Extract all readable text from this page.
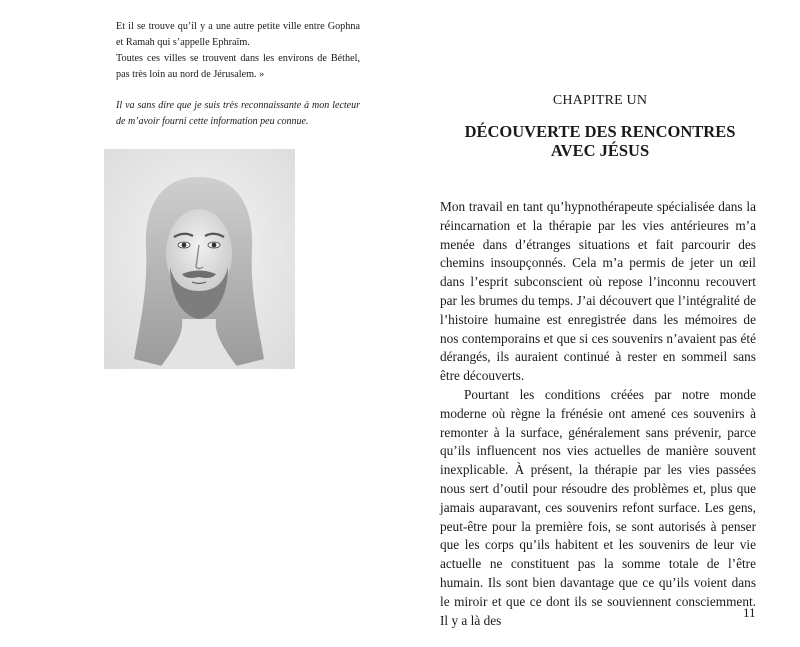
Et il se trouve qu’il y a une autre petite ville entre Gophna et Ramah qui s’appelle Ephraïm.

Toutes ces villes se trouvent dans les environs de Béthel, pas très loin au nord de Jérusalem. »

Il va sans dire que je suis très reconnaissante à mon lecteur de m’avoir fourni cette information peu connue.
CHAPITRE UN
DÉCOUVERTE DES RENCONTRES
AVEC JÉSUS

Mon travail en tant qu’hypnothérapeute spécialisée dans la réincarnation et la thérapie par les vies antérieures m’a menée dans d’étranges situations et fait parcourir des chemins insoupçonnés. Cela m’a permis de jeter un œil dans l’esprit subconscient où repose l’inconnu recouvert par les brumes du temps. J’ai découvert que l’intégralité de l’histoire humaine est enregistrée dans les mémoires de nos contemporains et que si ces souvenirs n’avaient pas été dérangés, ils auraient continué à rester en sommeil sans être découverts.

Pourtant les conditions créées par notre monde moderne où règne la frénésie ont amené ces souvenirs à remonter à la surface, généralement sans prévenir, parce qu’ils influencent nos vies actuelles de manière souvent inexplicable. À présent, la thérapie par les vies passées nous sert d’outil pour résoudre des problèmes et, plus que jamais auparavant, ces souvenirs refont surface. Les gens, peut-être pour la première fois, se sont autorisés à penser que les corps qu’ils habitent et les souvenirs de leur vie actuelle ne constituent pas la somme totale de l’être humain. Ils sont bien davantage que ce qu’ils voient dans le miroir et que ce dont ils se souviennent consciemment. Il y a là des

11
